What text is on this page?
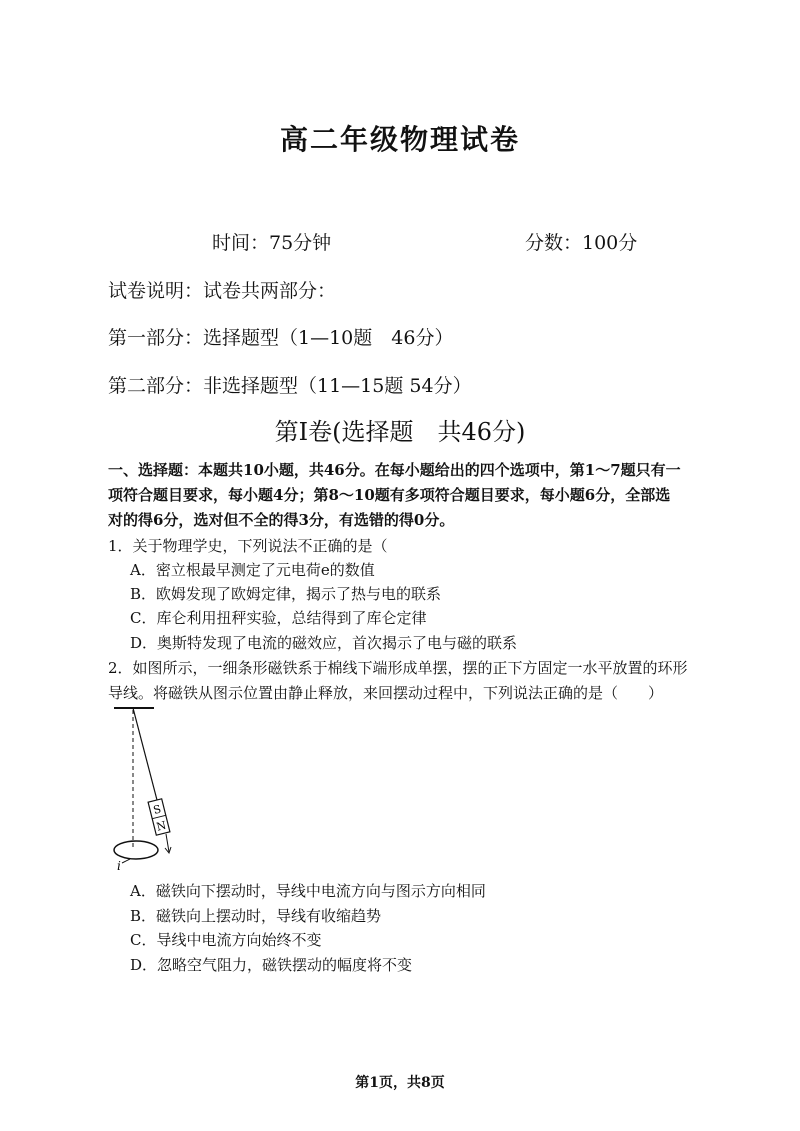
高二年级物理试卷
时间：75分钟	分数：100分
试卷说明：试卷共两部分：
第一部分：选择题型（1—10题　46分）
第二部分：非选择题型（11—15题 54分）
第Ⅰ卷(选择题　共46分)
一、选择题：本题共10小题，共46分。在每小题给出的四个选项中，第1～7题只有一
项符合题目要求，每小题4分；第8～10题有多项符合题目要求，每小题6分，全部选
对的得6分，选对但不全的得3分，有选错的得0分。
1．关于物理学史，下列说法不正确的是（
A．密立根最早测定了元电荷e的数值
B．欧姆发现了欧姆定律，揭示了热与电的联系
C．库仑利用扭秤实验，总结得到了库仑定律
D．奥斯特发现了电流的磁效应，首次揭示了电与磁的联系
2．如图所示，一细条形磁铁系于棉线下端形成单摆，摆的正下方固定一水平放置的环形
导线。将磁铁从图示位置由静止释放，来回摆动过程中，下列说法正确的是（　　）
S
N
i
A．磁铁向下摆动时，导线中电流方向与图示方向相同
B．磁铁向上摆动时，导线有收缩趋势
C．导线中电流方向始终不变
D．忽略空气阻力，磁铁摆动的幅度将不变
第1页，共8页
